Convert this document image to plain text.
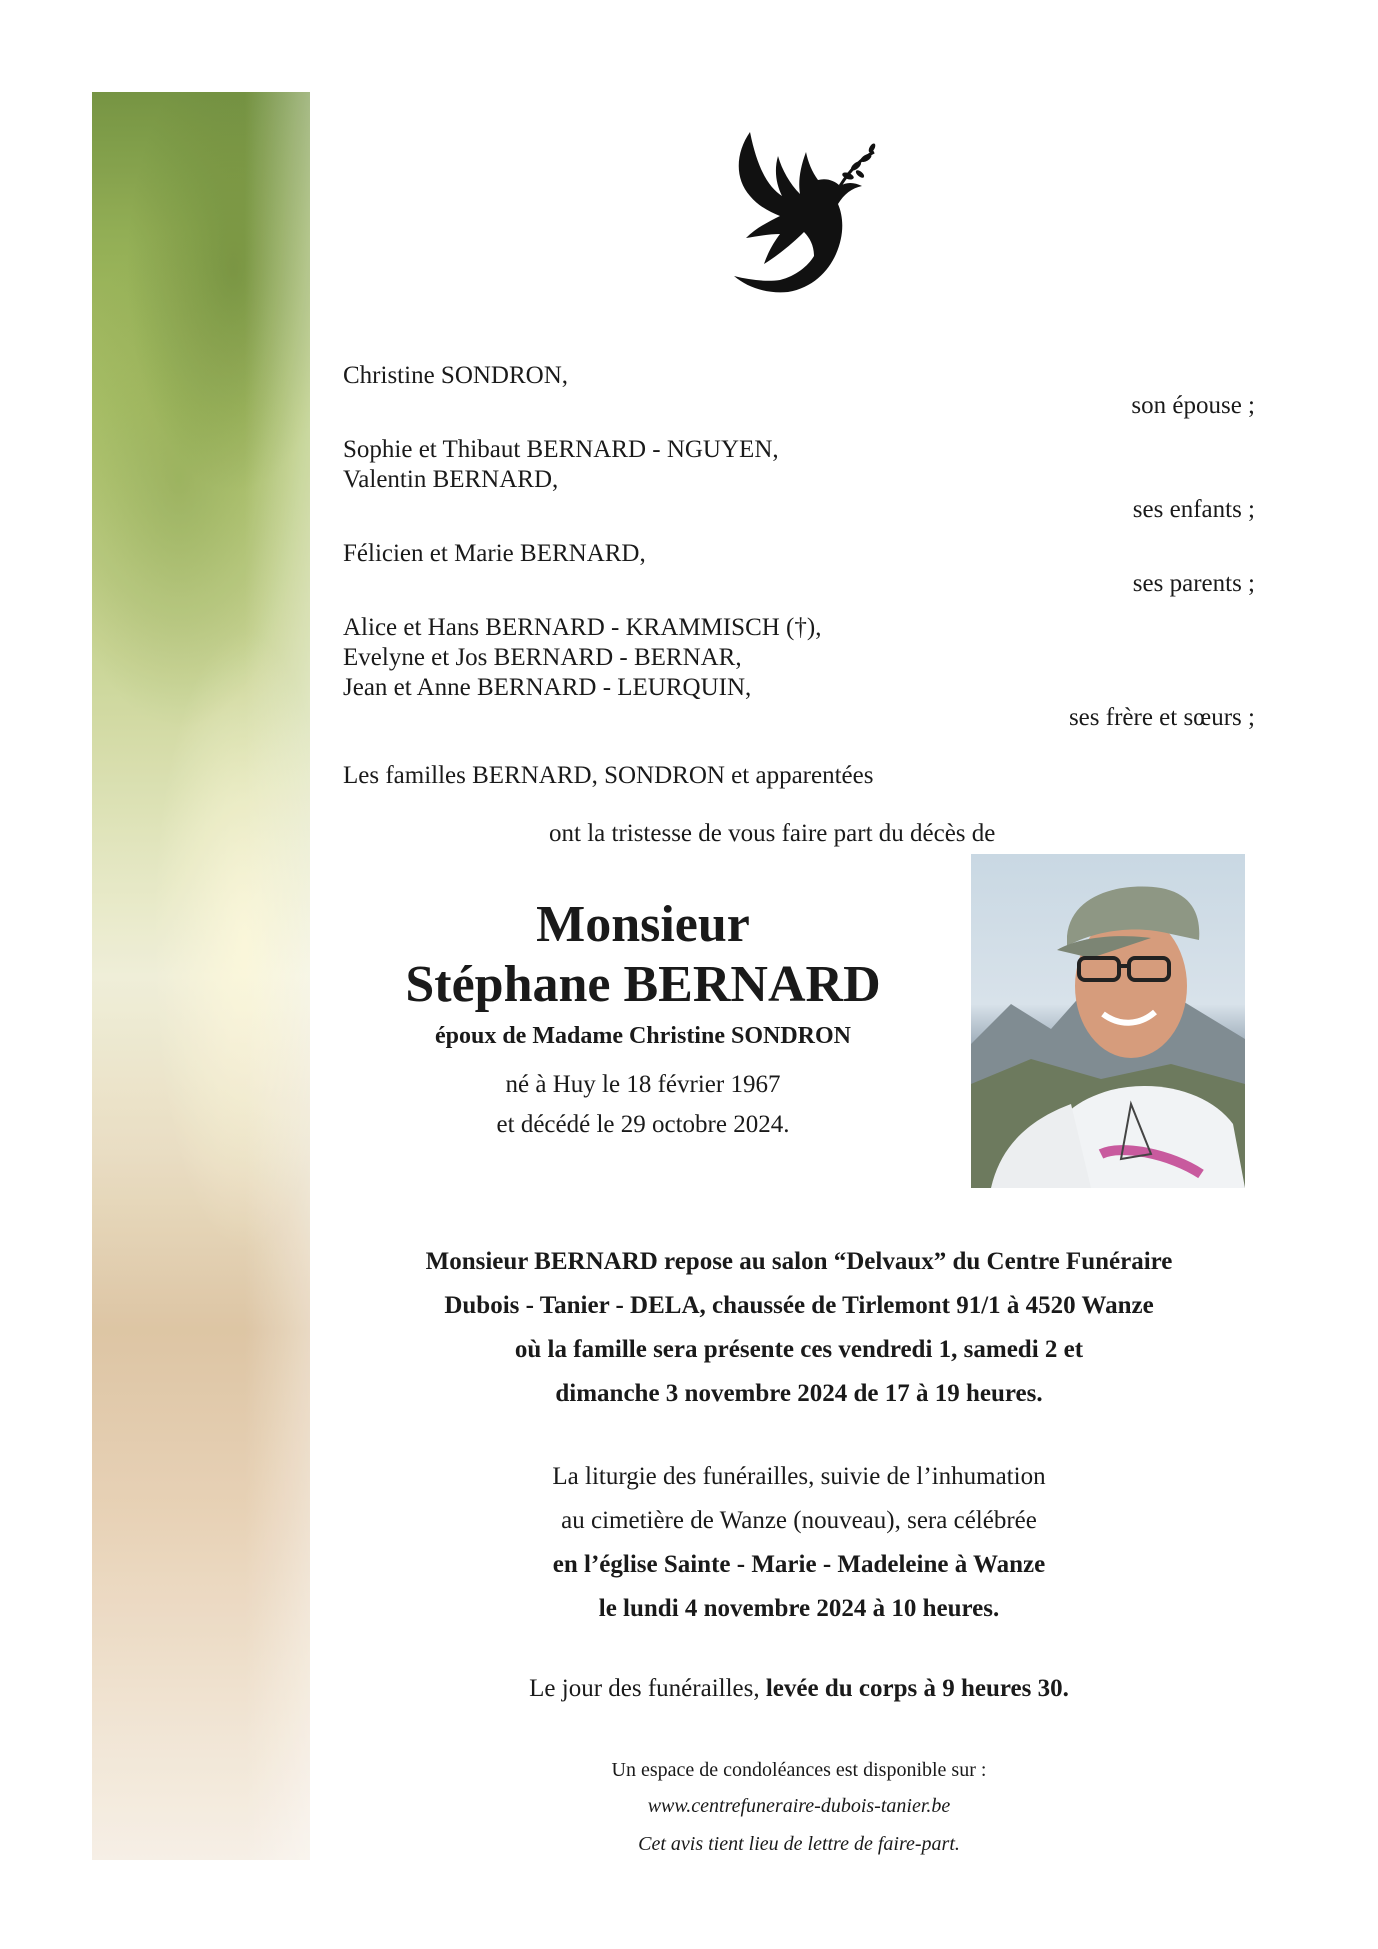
Christine SONDRON,
son épouse ;
Sophie et Thibaut BERNARD - NGUYEN,
Valentin BERNARD,
ses enfants ;
Félicien et Marie BERNARD,
ses parents ;
Alice et Hans BERNARD - KRAMMISCH (†),
Evelyne et Jos BERNARD - BERNAR,
Jean et Anne BERNARD - LEURQUIN,
ses frère et sœurs ;
Les familles BERNARD, SONDRON et apparentées
ont la tristesse de vous faire part du décès de
Monsieur
Stéphane BERNARD
époux de Madame Christine SONDRON
né à Huy le 18 février 1967
et décédé le 29 octobre 2024.
Monsieur BERNARD repose au salon “Delvaux” du Centre Funéraire
Dubois - Tanier - DELA, chaussée de Tirlemont 91/1 à 4520 Wanze
où la famille sera présente ces vendredi 1, samedi 2 et
dimanche 3 novembre 2024 de 17 à 19 heures.
La liturgie des funérailles, suivie de l’inhumation
au cimetière de Wanze (nouveau), sera célébrée
en l’église Sainte - Marie - Madeleine à Wanze
le lundi 4 novembre 2024 à 10 heures.
Le jour des funérailles, levée du corps à 9 heures 30.
Un espace de condoléances est disponible sur :
www.centrefuneraire-dubois-tanier.be
Cet avis tient lieu de lettre de faire-part.
